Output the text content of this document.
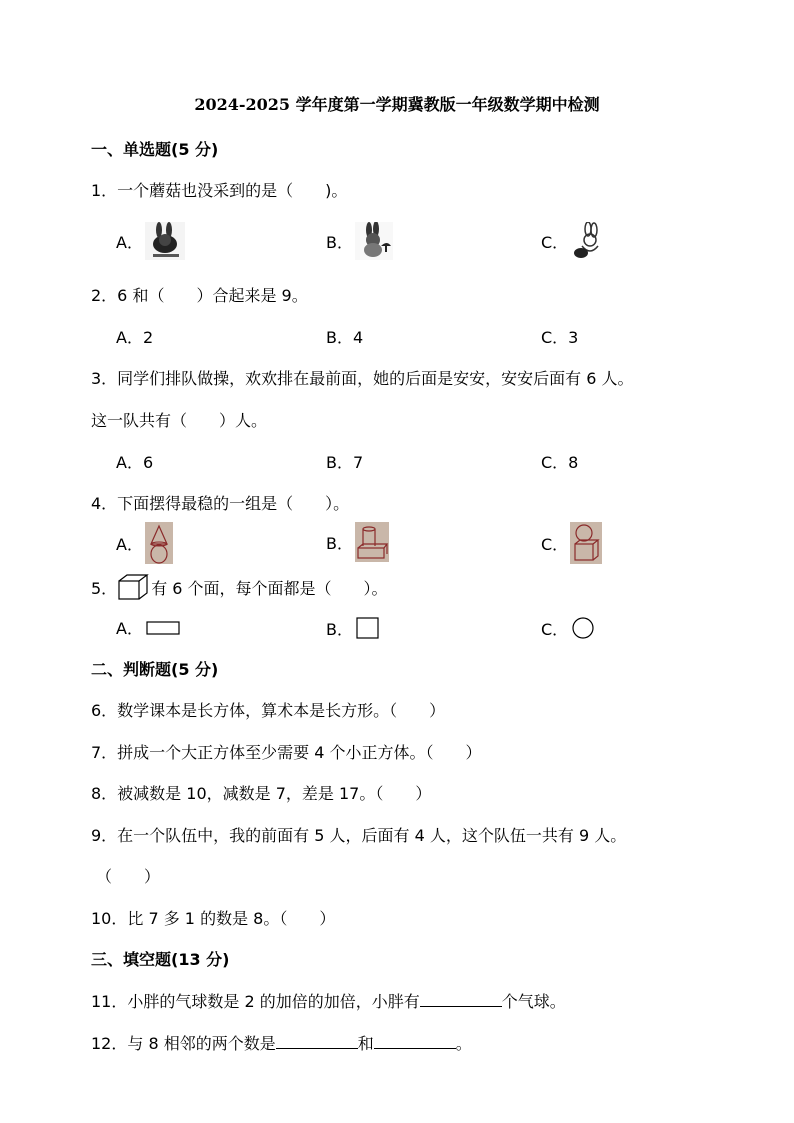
2024-2025 学年度第一学期冀教版一年级数学期中检测
一、单选题(5 分)
1．一个蘑菇也没采到的是（　　)。
A．	B．	C．
2．6 和（　　）合起来是 9。
A．2	B．4	C．3
3．同学们排队做操，欢欢排在最前面，她的后面是安安，安安后面有 6 人。
这一队共有（　　）人。
A．6	B．7	C．8
4．下面摆得最稳的一组是（　　）。
A．	B．	C．
5． 有 6 个面，每个面都是（　　）。
A．	B．	C．
二、判断题(5 分)
6．数学课本是长方体，算术本是长方形。（　　）
7．拼成一个大正方体至少需要 4 个小正方体。（　　）
8．被减数是 10，减数是 7，差是 17。（　　）
9．在一个队伍中，我的前面有 5 人，后面有 4 人，这个队伍一共有 9 人。
（　　）
10．比 7 多 1 的数是 8。（　　）
三、填空题(13 分)
11．小胖的气球数是 2 的加倍的加倍，小胖有	个气球。
12．与 8 相邻的两个数是	和	。
